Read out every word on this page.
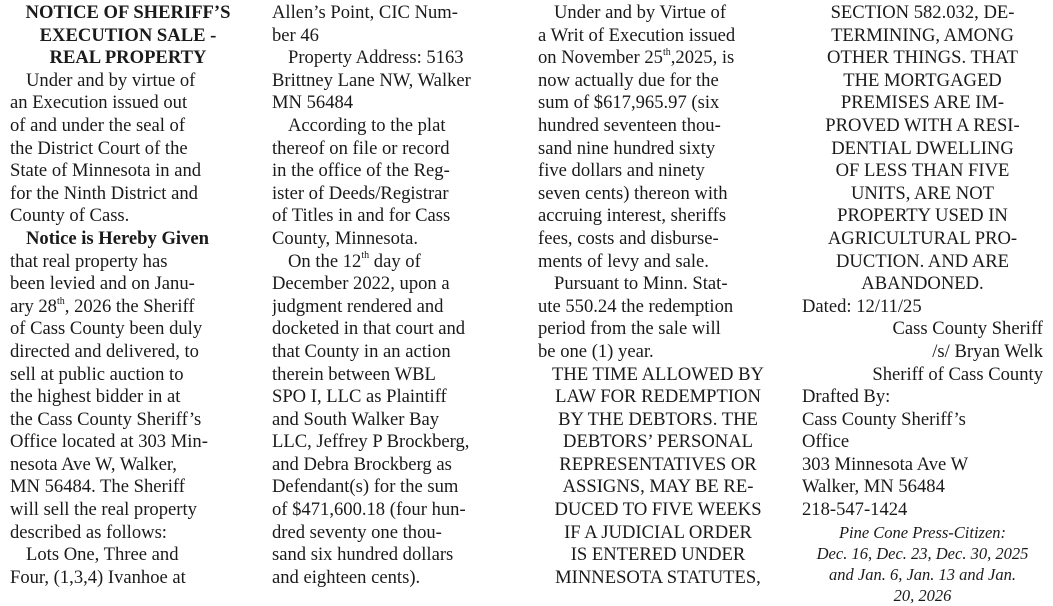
NOTICE OF SHERIFF’S
EXECUTION SALE -
REAL PROPERTY
Under and by virtue of
an Execution issued out
of and under the seal of
the District Court of the
State of Minnesota in and
for the Ninth District and
County of Cass.
Notice is Hereby Given
that real property has
been levied and on Janu-
ary 28th, 2026 the Sheriff
of Cass County been duly
directed and delivered, to
sell at public auction to
the highest bidder in at
the Cass County Sheriff’s
Office located at 303 Min-
nesota Ave W, Walker,
MN 56484. The Sheriff
will sell the real property
described as follows:
Lots One, Three and
Four, (1,3,4) Ivanhoe at
Allen’s Point, CIC Num-
ber 46
Property Address: 5163
Brittney Lane NW, Walker
MN 56484
According to the plat
thereof on file or record
in the office of the Reg-
ister of Deeds/Registrar
of Titles in and for Cass
County, Minnesota.
On the 12th day of
December 2022, upon a
judgment rendered and
docketed in that court and
that County in an action
therein between WBL
SPO I, LLC as Plaintiff
and South Walker Bay
LLC, Jeffrey P Brockberg,
and Debra Brockberg as
Defendant(s) for the sum
of $471,600.18 (four hun-
dred seventy one thou-
sand six hundred dollars
and eighteen cents).
Under and by Virtue of
a Writ of Execution issued
on November 25th,2025, is
now actually due for the
sum of $617,965.97 (six
hundred seventeen thou-
sand nine hundred sixty
five dollars and ninety
seven cents) thereon with
accruing interest, sheriffs
fees, costs and disburse-
ments of levy and sale.
Pursuant to Minn. Stat-
ute 550.24 the redemption
period from the sale will
be one (1) year.
THE TIME ALLOWED BY
LAW FOR REDEMPTION
BY THE DEBTORS. THE
DEBTORS’ PERSONAL
REPRESENTATIVES OR
ASSIGNS, MAY BE RE-
DUCED TO FIVE WEEKS
IF A JUDICIAL ORDER
IS ENTERED UNDER
MINNESOTA STATUTES,
SECTION 582.032, DE-
TERMINING, AMONG
OTHER THINGS. THAT
THE MORTGAGED
PREMISES ARE IM-
PROVED WITH A RESI-
DENTIAL DWELLING
OF LESS THAN FIVE
UNITS, ARE NOT
PROPERTY USED IN
AGRICULTURAL PRO-
DUCTION. AND ARE
ABANDONED.
Dated: 12/11/25
Cass County Sheriff
/s/ Bryan Welk
Sheriff of Cass County
Drafted By:
Cass County Sheriff’s
Office
303 Minnesota Ave W
Walker, MN 56484
218-547-1424
Pine Cone Press-Citizen:
Dec. 16, Dec. 23, Dec. 30, 2025
and Jan. 6, Jan. 13 and Jan.
20, 2026
